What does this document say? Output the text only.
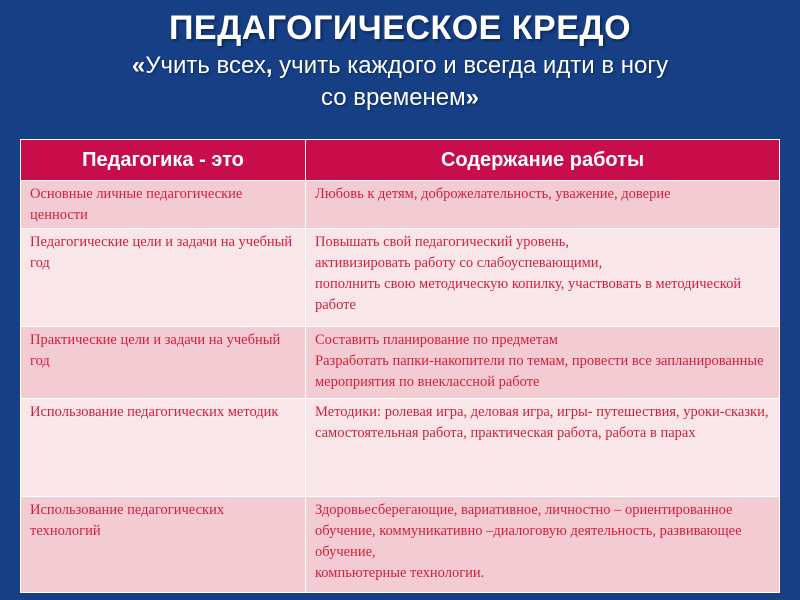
ПЕДАГОГИЧЕСКОЕ КРЕДО
«Учить всех, учить каждого и всегда идти в ногу
со временем»
Педагогика - это	Содержание работы
Основные личные педагогические ценности	Любовь к детям, доброжелательность, уважение, доверие

Педагогические цели и задачи на учебный год	Повышать свой педагогический уровень,
активизировать работу со слабоуспевающими,
пополнить свою методическую копилку, участвовать в методической работе

Практические цели и задачи на учебный год	Составить планирование по предметам
Разработать папки-накопители по темам, провести все запланированные мероприятия по внеклассной работе

Использование педагогических методик	Методики: ролевая игра, деловая игра, игры- путешествия, уроки-сказки,
самостоятельная работа, практическая работа, работа в парах

Использование педагогических технологий	Здоровьесберегающие, вариативное, личностно – ориентированное обучение, коммуникативно –диалоговую деятельность, развивающее обучение,
компьютерные технологии.
